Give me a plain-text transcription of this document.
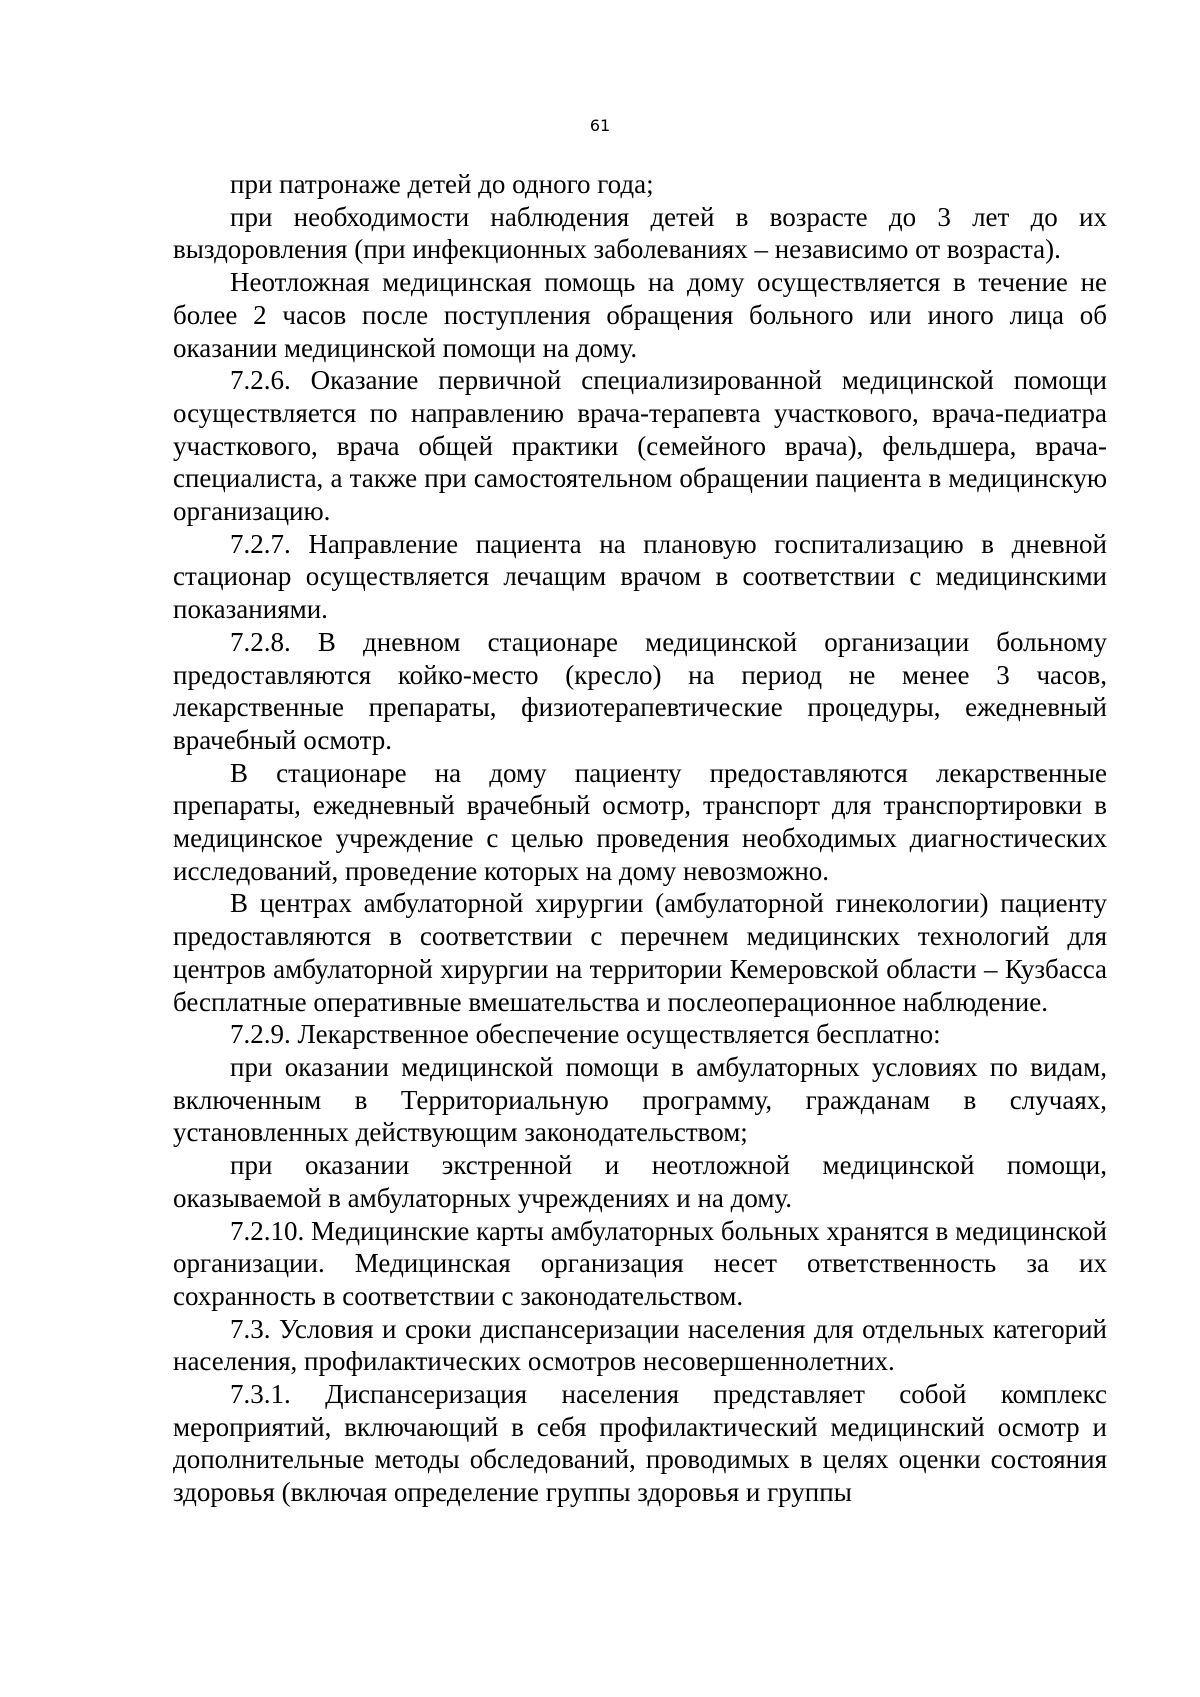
61

при патронаже детей до одного года;

при необходимости наблюдения детей в возрасте до 3 лет до их выздоровления (при инфекционных заболеваниях – независимо от возраста).

Неотложная медицинская помощь на дому осуществляется в течение не более 2 часов после поступления обращения больного или иного лица об оказании медицинской помощи на дому.

7.2.6. Оказание первичной специализированной медицинской помощи осуществляется по направлению врача-терапевта участкового, врача-педиатра участкового, врача общей практики (семейного врача), фельдшера, врача-специалиста, а также при самостоятельном обращении пациента в медицинскую организацию.

7.2.7. Направление пациента на плановую госпитализацию в дневной стационар осуществляется лечащим врачом в соответствии с медицинскими показаниями.

7.2.8. В дневном стационаре медицинской организации больному предоставляются койко-место (кресло) на период не менее 3 часов, лекарственные препараты, физиотерапевтические процедуры, ежедневный врачебный осмотр.

В стационаре на дому пациенту предоставляются лекарственные препараты, ежедневный врачебный осмотр, транспорт для транспортировки в медицинское учреждение с целью проведения необходимых диагностических исследований, проведение которых на дому невозможно.

В центрах амбулаторной хирургии (амбулаторной гинекологии) пациенту предоставляются в соответствии с перечнем медицинских технологий для центров амбулаторной хирургии на территории Кемеровской области – Кузбасса бесплатные оперативные вмешательства и послеоперационное наблюдение.

7.2.9. Лекарственное обеспечение осуществляется бесплатно:

при оказании медицинской помощи в амбулаторных условиях по видам, включенным в Территориальную программу, гражданам в случаях, установленных действующим законодательством;

при оказании экстренной и неотложной медицинской помощи, оказываемой в амбулаторных учреждениях и на дому.

7.2.10. Медицинские карты амбулаторных больных хранятся в медицинской организации. Медицинская организация несет ответственность за их сохранность в соответствии с законодательством.

7.3. Условия и сроки диспансеризации населения для отдельных категорий населения, профилактических осмотров несовершеннолетних.

7.3.1. Диспансеризация населения представляет собой комплекс мероприятий, включающий в себя профилактический медицинский осмотр и дополнительные методы обследований, проводимых в целях оценки состояния здоровья (включая определение группы здоровья и группы
